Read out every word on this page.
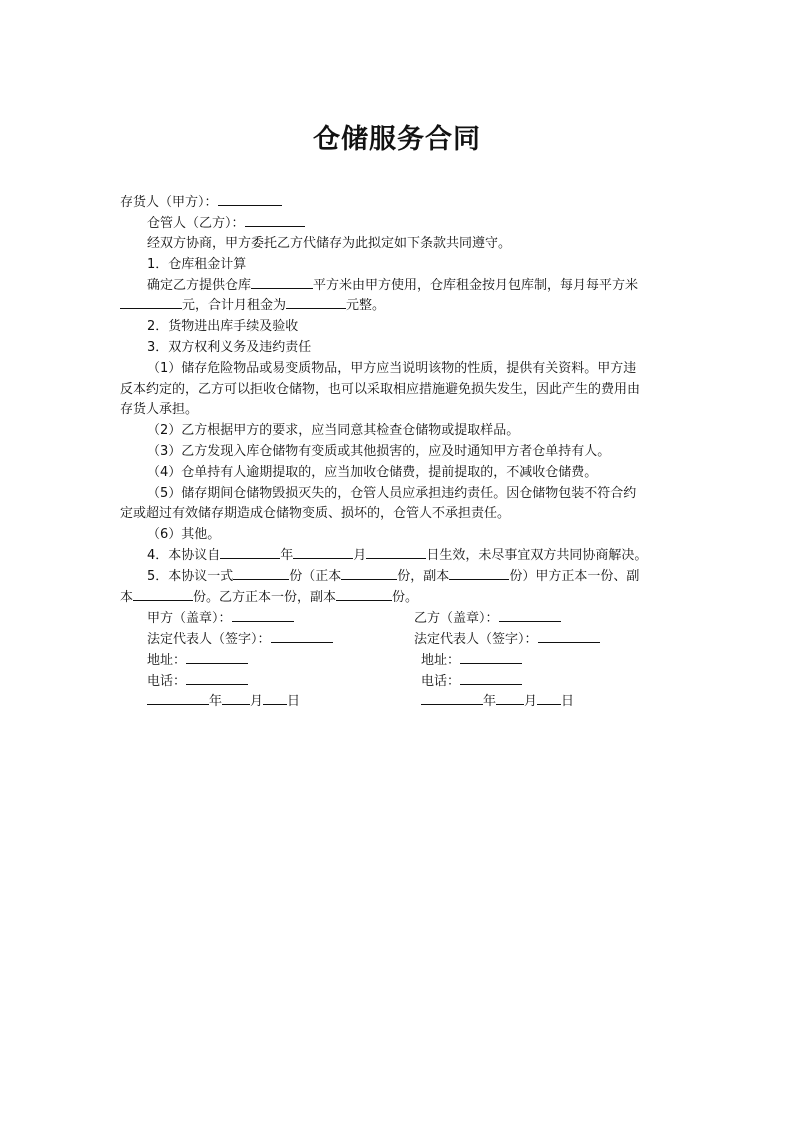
仓储服务合同
存货人（甲方）：
仓管人（乙方）：
经双方协商，甲方委托乙方代储存为此拟定如下条款共同遵守。
1．仓库租金计算
确定乙方提供仓库	平方米由甲方使用，仓库租金按月包库制，每月每平方米
元，合计月租金为	元整。
2．货物进出库手续及验收
3．双方权利义务及违约责任
（1）储存危险物品或易变质物品，甲方应当说明该物的性质，提供有关资料。甲方违
反本约定的，乙方可以拒收仓储物，也可以采取相应措施避免损失发生，因此产生的费用由
存货人承担。
（2）乙方根据甲方的要求，应当同意其检查仓储物或提取样品。
（3）乙方发现入库仓储物有变质或其他损害的，应及时通知甲方者仓单持有人。
（4）仓单持有人逾期提取的，应当加收仓储费，提前提取的，不减收仓储费。
（5）储存期间仓储物毁损灭失的，仓管人员应承担违约责任。因仓储物包装不符合约
定或超过有效储存期造成仓储物变质、损坏的，仓管人不承担责任。
（6）其他。
4．本协议自	年	月	日生效，未尽事宜双方共同协商解决。
5．本协议一式	份（正本	份，副本	份）甲方正本一份、副
本	份。乙方正本一份，副本	份。
甲方（盖章）：	乙方（盖章）：
法定代表人（签字）：	法定代表人（签字）：
地址：	地址：
电话：	电话：
年 月 日	年 月 日
